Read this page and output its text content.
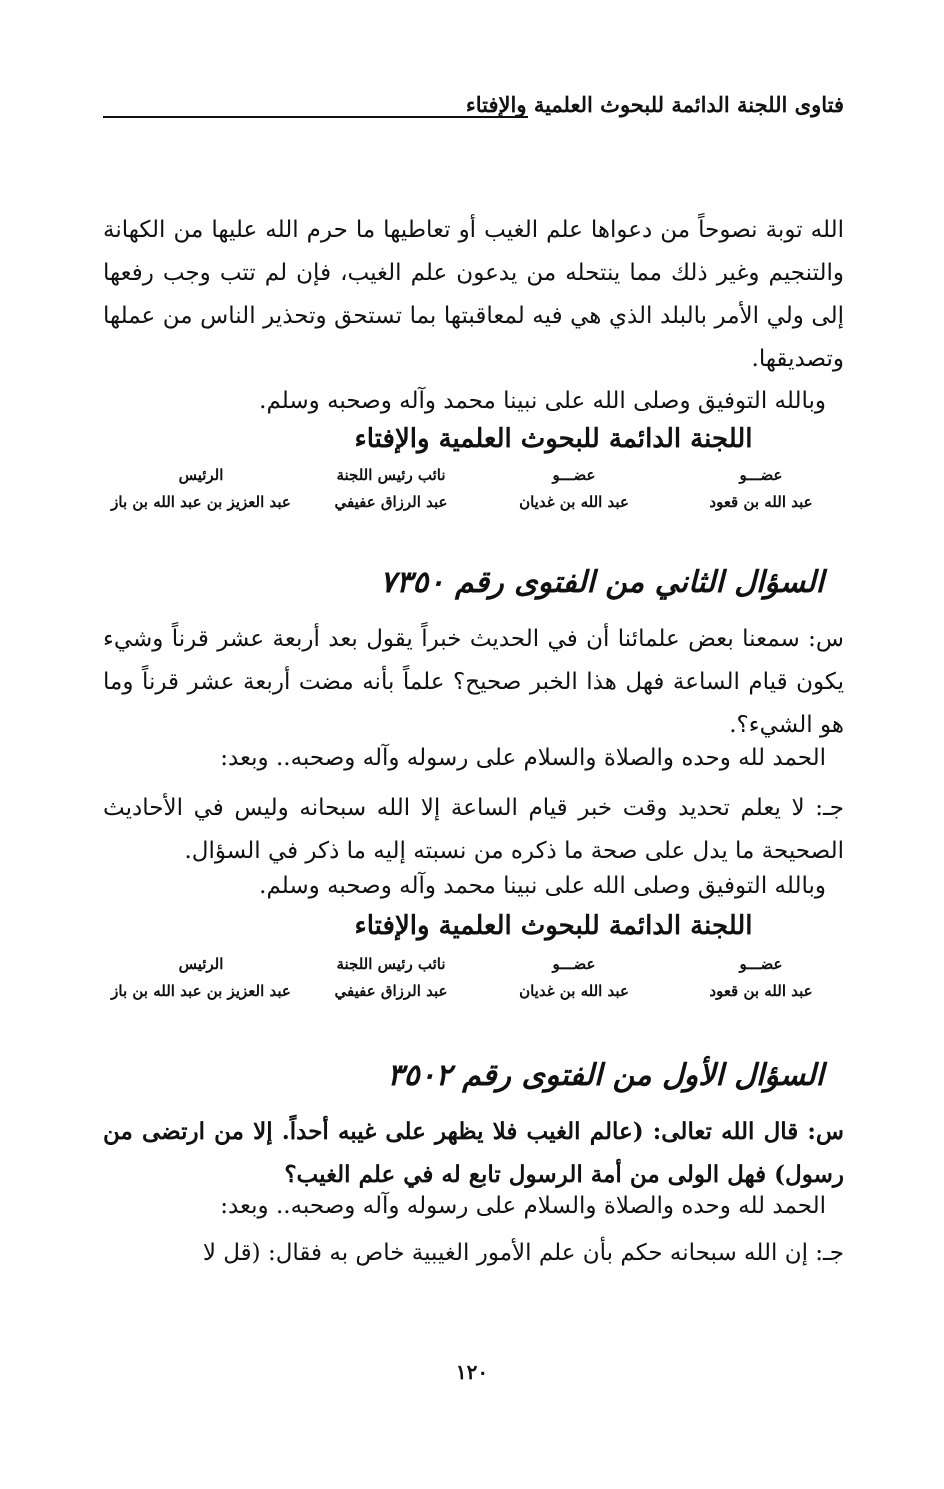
فتاوى اللجنة الدائمة للبحوث العلمية والإفتاء
الله توبة نصوحاً من دعواها علم الغيب أو تعاطيها ما حرم الله عليها من الكهانة والتنجيم وغير ذلك مما ينتحله من يدعون علم الغيب، فإن لم تتب وجب رفعها إلى ولي الأمر بالبلد الذي هي فيه لمعاقبتها بما تستحق وتحذير الناس من عملها وتصديقها.
وبالله التوفيق وصلى الله على نبينا محمد وآله وصحبه وسلم.
اللجنة الدائمة للبحوث العلمية والإفتاء
عضـــو
عبد الله بن قعود
عضـــو
عبد الله بن غديان
نائب رئيس اللجنة
عبد الرزاق عفيفي
الرئيس
عبد العزيز بن عبد الله بن باز
السؤال الثاني من الفتوى رقم ٧٣٥٠
س: سمعنا بعض علمائنا أن في الحديث خبراً يقول بعد أربعة عشر قرناً وشيء يكون قيام الساعة فهل هذا الخبر صحيح؟ علماً بأنه مضت أربعة عشر قرناً وما هو الشيء؟.
الحمد لله وحده والصلاة والسلام على رسوله وآله وصحبه.. وبعد:
جـ: لا يعلم تحديد وقت خبر قيام الساعة إلا الله سبحانه وليس في الأحاديث الصحيحة ما يدل على صحة ما ذكره من نسبته إليه ما ذكر في السؤال.
وبالله التوفيق وصلى الله على نبينا محمد وآله وصحبه وسلم.
اللجنة الدائمة للبحوث العلمية والإفتاء
عضـــو
عبد الله بن قعود
عضـــو
عبد الله بن غديان
نائب رئيس اللجنة
عبد الرزاق عفيفي
الرئيس
عبد العزيز بن عبد الله بن باز
السؤال الأول من الفتوى رقم ٣٥٠٢
س: قال الله تعالى: (عالم الغيب فلا يظهر على غيبه أحداً. إلا من ارتضى من رسول) فهل الولى من أمة الرسول تابع له في علم الغيب؟
الحمد لله وحده والصلاة والسلام على رسوله وآله وصحبه.. وبعد:
جـ: إن الله سبحانه حكم بأن علم الأمور الغيبية خاص به فقال: (قل لا
١٢٠
